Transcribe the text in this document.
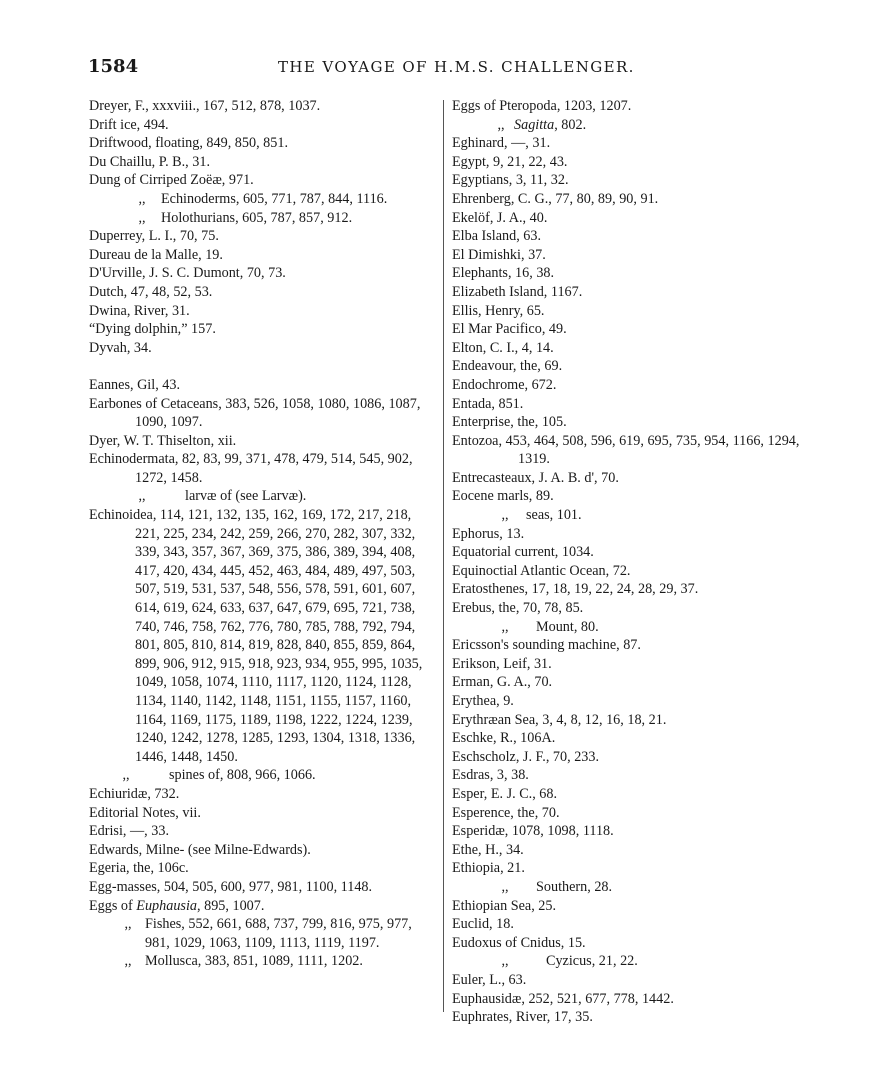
1584	THE VOYAGE OF H.M.S. CHALLENGER.
Dreyer, F., xxxviii., 167, 512, 878, 1037.
Drift ice, 494.
Driftwood, floating, 849, 850, 851.
Du Chaillu, P. B., 31.
Dung of Cirriped Zoëæ, 971.
,, Echinoderms, 605, 771, 787, 844, 1116.
,, Holothurians, 605, 787, 857, 912.
Duperrey, L. I., 70, 75.
Dureau de la Malle, 19.
D'Urville, J. S. C. Dumont, 70, 73.
Dutch, 47, 48, 52, 53.
Dwina, River, 31.
“Dying dolphin,” 157.
Dyvah, 34.
Eannes, Gil, 43.
Earbones of Cetaceans, 383, 526, 1058, 1080, 1086, 1087, 1090, 1097.
Dyer, W. T. Thiselton, xii.
Echinodermata, 82, 83, 99, 371, 478, 479, 514, 545, 902, 1272, 1458.
,,	larvæ of (see Larvæ).
Echinoidea, 114, 121, 132, 135, 162, 169, 172, 217, 218, 221, 225, 234, 242, 259, 266, 270, 282, 307, 332, 339, 343, 357, 367, 369, 375, 386, 389, 394, 408, 417, 420, 434, 445, 452, 463, 484, 489, 497, 503, 507, 519, 531, 537, 548, 556, 578, 591, 601, 607, 614, 619, 624, 633, 637, 647, 679, 695, 721, 738, 740, 746, 758, 762, 776, 780, 785, 788, 792, 794, 801, 805, 810, 814, 819, 828, 840, 855, 859, 864, 899, 906, 912, 915, 918, 923, 934, 955, 995, 1035, 1049, 1058, 1074, 1110, 1117, 1120, 1124, 1128, 1134, 1140, 1142, 1148, 1151, 1155, 1157, 1160, 1164, 1169, 1175, 1189, 1198, 1222, 1224, 1239, 1240, 1242, 1278, 1285, 1293, 1304, 1318, 1336, 1446, 1448, 1450.
,,	spines of, 808, 966, 1066.
Echiuridæ, 732.
Editorial Notes, vii.
Edrisi, —, 33.
Edwards, Milne- (see Milne-Edwards).
Egeria, the, 106c.
Egg-masses, 504, 505, 600, 977, 981, 1100, 1148.
Eggs of Euphausia, 895, 1007.
,, Fishes, 552, 661, 688, 737, 799, 816, 975, 977, 981, 1029, 1063, 1109, 1113, 1119, 1197.
,, Mollusca, 383, 851, 1089, 1111, 1202.
Eggs of Pteropoda, 1203, 1207.
,, Sagitta, 802.
Eghinard, —, 31.
Egypt, 9, 21, 22, 43.
Egyptians, 3, 11, 32.
Ehrenberg, C. G., 77, 80, 89, 90, 91.
Ekelöf, J. A., 40.
Elba Island, 63.
El Dimishki, 37.
Elephants, 16, 38.
Elizabeth Island, 1167.
Ellis, Henry, 65.
El Mar Pacifico, 49.
Elton, C. I., 4, 14.
Endeavour, the, 69.
Endochrome, 672.
Entada, 851.
Enterprise, the, 105.
Entozoa, 453, 464, 508, 596, 619, 695, 735, 954, 1166, 1294, 1319.
Entrecasteaux, J. A. B. d', 70.
Eocene marls, 89.
,, seas, 101.
Ephorus, 13.
Equatorial current, 1034.
Equinoctial Atlantic Ocean, 72.
Eratosthenes, 17, 18, 19, 22, 24, 28, 29, 37.
Erebus, the, 70, 78, 85.
,, Mount, 80.
Ericsson's sounding machine, 87.
Erikson, Leif, 31.
Erman, G. A., 70.
Erythea, 9.
Erythræan Sea, 3, 4, 8, 12, 16, 18, 21.
Eschke, R., 106A.
Eschscholz, J. F., 70, 233.
Esdras, 3, 38.
Esper, E. J. C., 68.
Esperence, the, 70.
Esperidæ, 1078, 1098, 1118.
Ethe, H., 34.
Ethiopia, 21.
,, Southern, 28.
Ethiopian Sea, 25.
Euclid, 18.
Eudoxus of Cnidus, 15.
,,	Cyzicus, 21, 22.
Euler, L., 63.
Euphausidæ, 252, 521, 677, 778, 1442.
Euphrates, River, 17, 35.
